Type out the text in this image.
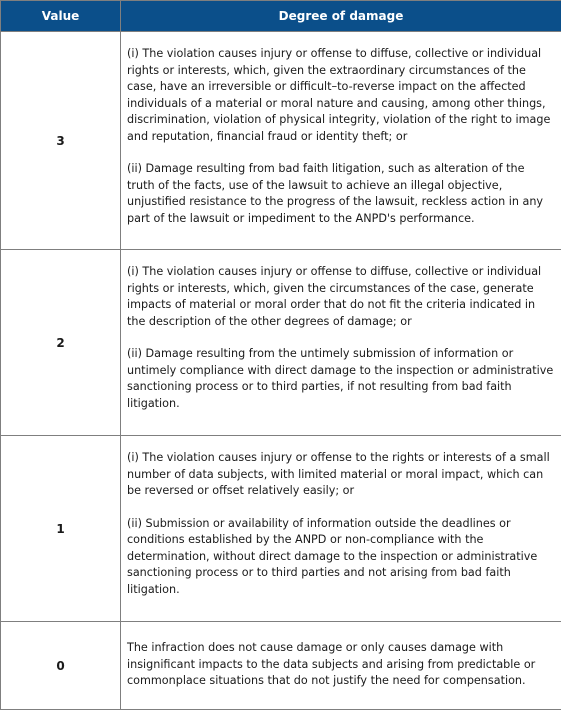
Value	Degree of damage
3	(i) The violation causes injury or offense to diffuse, collective or individual rights or interests, which, given the extraordinary circumstances of the case, have an irreversible or difficult–to-reverse impact on the affected individuals of a material or moral nature and causing, among other things, discrimination, violation of physical integrity, violation of the right to image and reputation, financial fraud or identity theft; or

(ii) Damage resulting from bad faith litigation, such as alteration of the truth of the facts, use of the lawsuit to achieve an illegal objective, unjustified resistance to the progress of the lawsuit, reckless action in any part of the lawsuit or impediment to the ANPD's performance.

2	(i) The violation causes injury or offense to diffuse, collective or individual rights or interests, which, given the circumstances of the case, generate impacts of material or moral order that do not fit the criteria indicated in the description of the other degrees of damage; or

(ii) Damage resulting from the untimely submission of information or untimely compliance with direct damage to the inspection or administrative sanctioning process or to third parties, if not resulting from bad faith litigation.

1	(i) The violation causes injury or offense to the rights or interests of a small number of data subjects, with limited material or moral impact, which can be reversed or offset relatively easily; or

(ii) Submission or availability of information outside the deadlines or conditions established by the ANPD or non-compliance with the determination, without direct damage to the inspection or administrative sanctioning process or to third parties and not arising from bad faith litigation.

0	The infraction does not cause damage or only causes damage with insignificant impacts to the data subjects and arising from predictable or commonplace situations that do not justify the need for compensation.
